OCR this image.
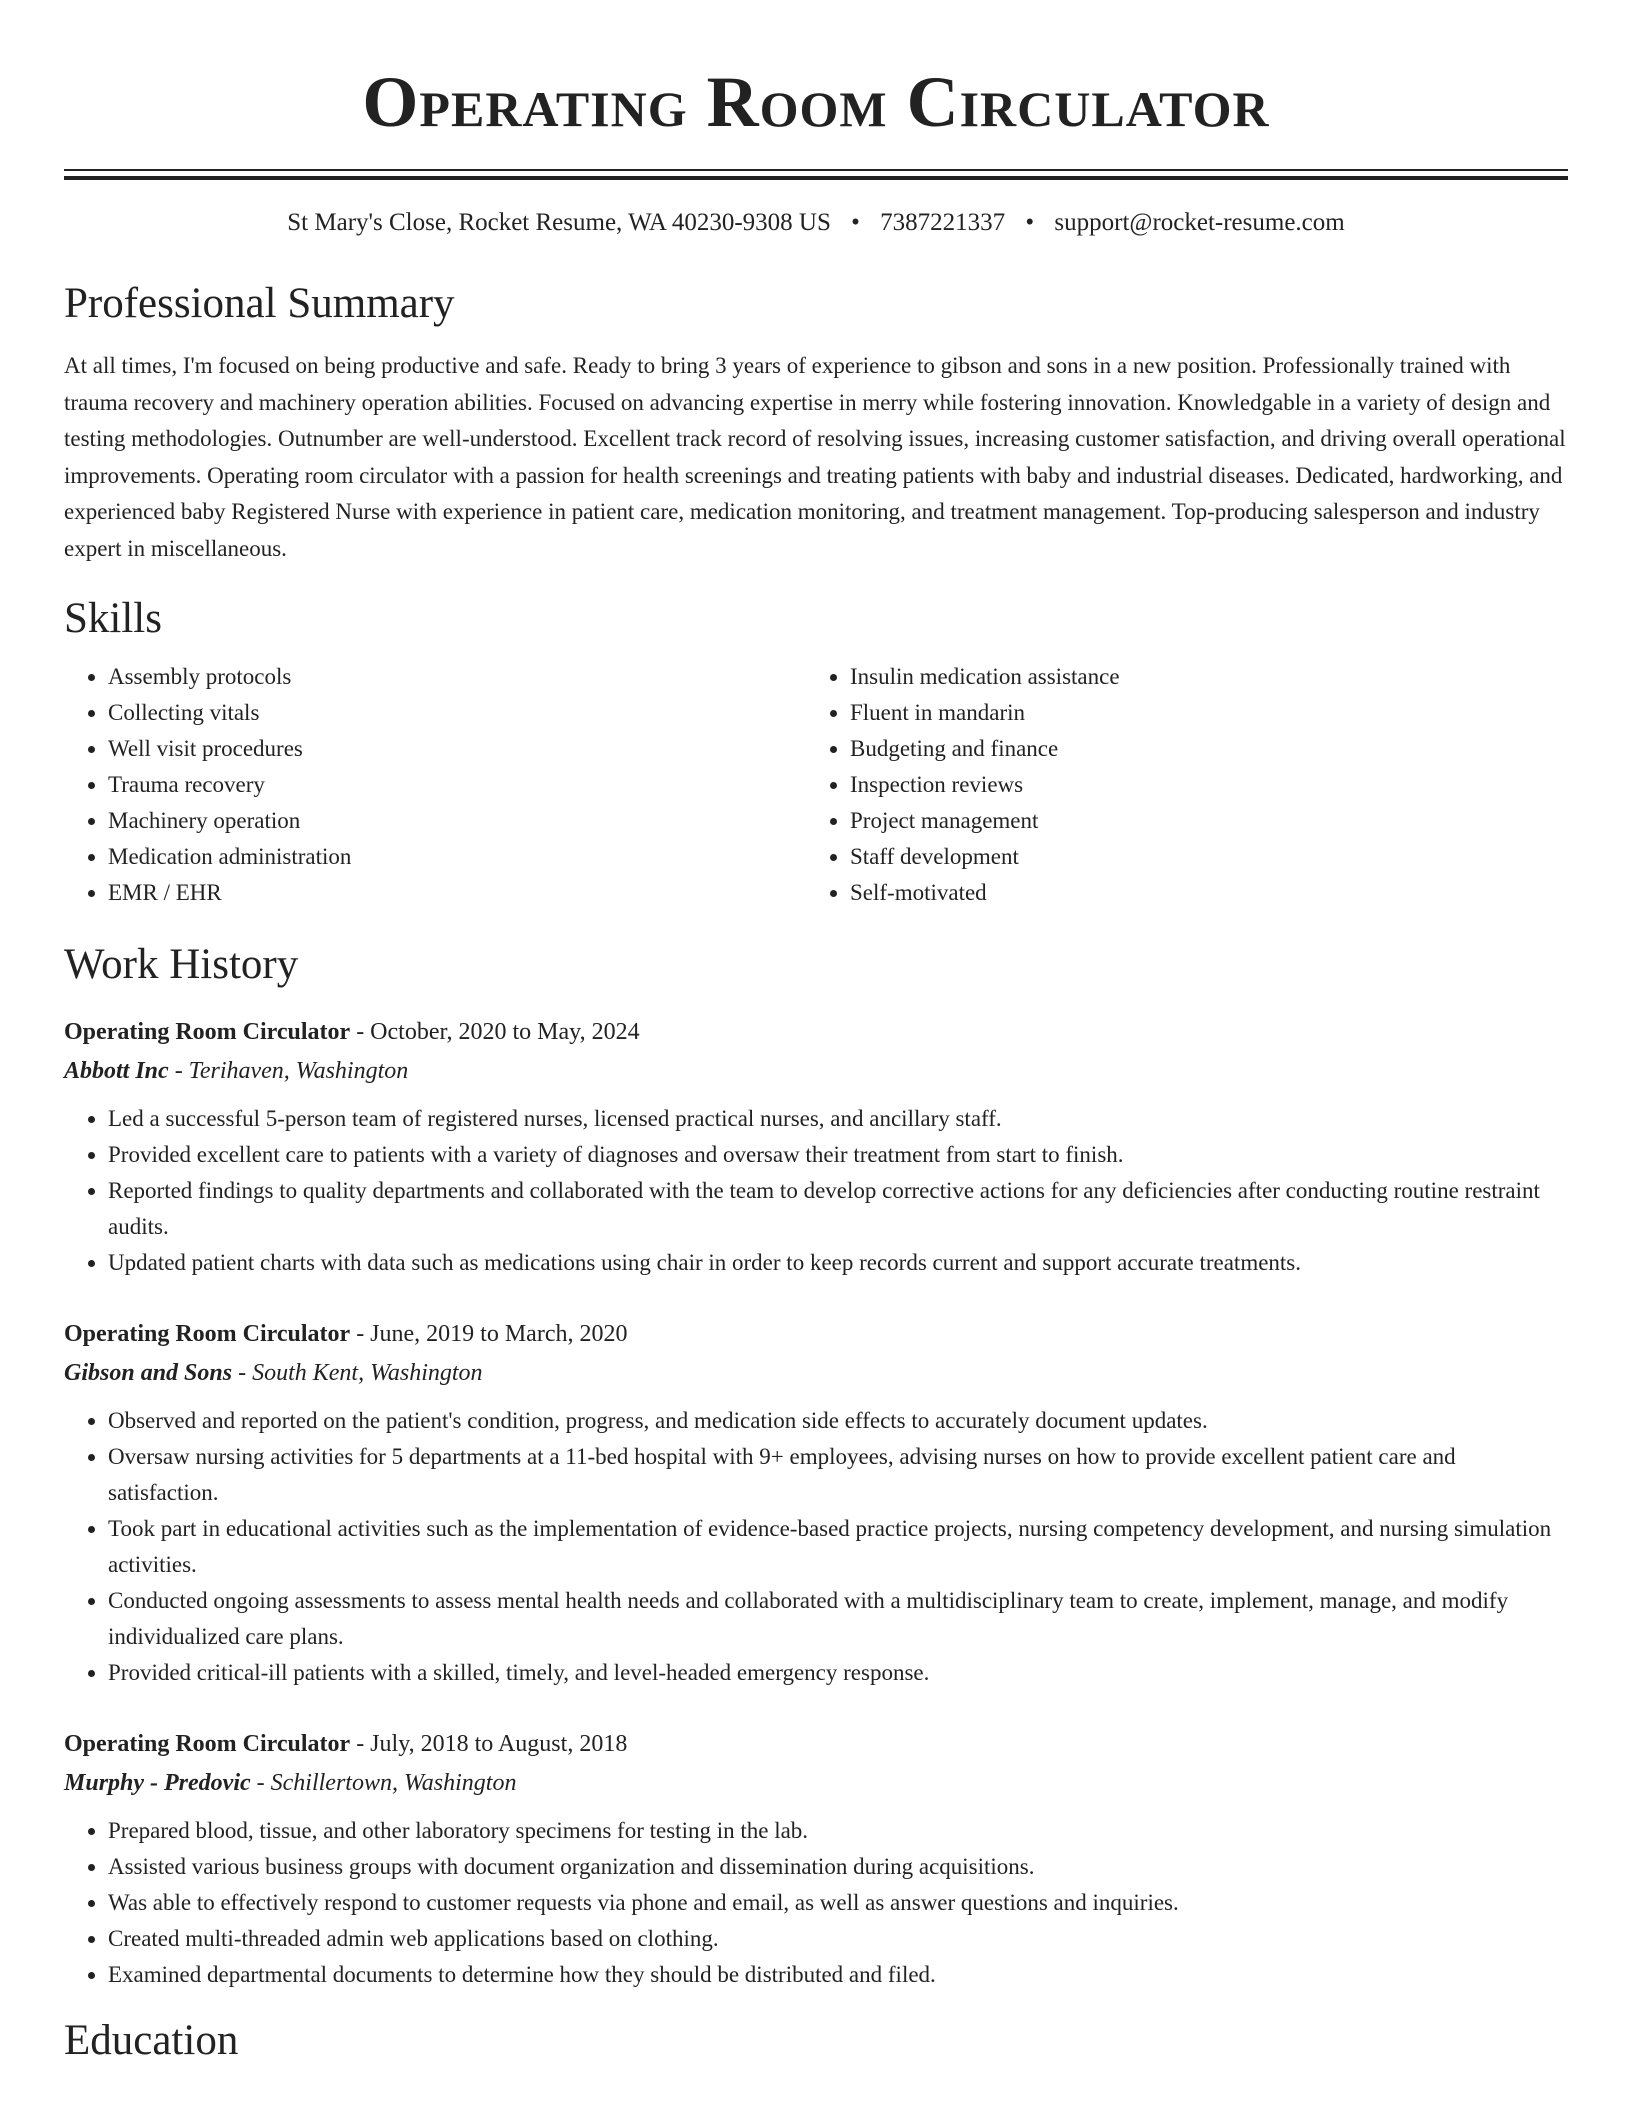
Operating Room Circulator
St Mary's Close, Rocket Resume, WA 40230-9308 US • 7387221337 • support@rocket-resume.com
Professional Summary

At all times, I'm focused on being productive and safe. Ready to bring 3 years of experience to gibson and sons in a new position. Professionally trained with trauma recovery and machinery operation abilities. Focused on advancing expertise in merry while fostering innovation. Knowledgable in a variety of design and testing methodologies. Outnumber are well-understood. Excellent track record of resolving issues, increasing customer satisfaction, and driving overall operational improvements. Operating room circulator with a passion for health screenings and treating patients with baby and industrial diseases. Dedicated, hardworking, and experienced baby Registered Nurse with experience in patient care, medication monitoring, and treatment management. Top-producing salesperson and industry expert in miscellaneous.

Skills
• Assembly protocols
• Collecting vitals
• Well visit procedures
• Trauma recovery
• Machinery operation
• Medication administration
• EMR / EHR
• Insulin medication assistance
• Fluent in mandarin
• Budgeting and finance
• Inspection reviews
• Project management
• Staff development
• Self-motivated
Work History
Operating Room Circulator - October, 2020 to May, 2024
Abbott Inc - Terihaven, Washington
• Led a successful 5-person team of registered nurses, licensed practical nurses, and ancillary staff.
• Provided excellent care to patients with a variety of diagnoses and oversaw their treatment from start to finish.
• Reported findings to quality departments and collaborated with the team to develop corrective actions for any deficiencies after conducting routine restraint audits.
• Updated patient charts with data such as medications using chair in order to keep records current and support accurate treatments.
Operating Room Circulator - June, 2019 to March, 2020
Gibson and Sons - South Kent, Washington
• Observed and reported on the patient's condition, progress, and medication side effects to accurately document updates.
• Oversaw nursing activities for 5 departments at a 11-bed hospital with 9+ employees, advising nurses on how to provide excellent patient care and satisfaction.
• Took part in educational activities such as the implementation of evidence-based practice projects, nursing competency development, and nursing simulation activities.
• Conducted ongoing assessments to assess mental health needs and collaborated with a multidisciplinary team to create, implement, manage, and modify individualized care plans.
• Provided critical-ill patients with a skilled, timely, and level-headed emergency response.
Operating Room Circulator - July, 2018 to August, 2018
Murphy - Predovic - Schillertown, Washington
• Prepared blood, tissue, and other laboratory specimens for testing in the lab.
• Assisted various business groups with document organization and dissemination during acquisitions.
• Was able to effectively respond to customer requests via phone and email, as well as answer questions and inquiries.
• Created multi-threaded admin web applications based on clothing.
• Examined departmental documents to determine how they should be distributed and filed.
Education
